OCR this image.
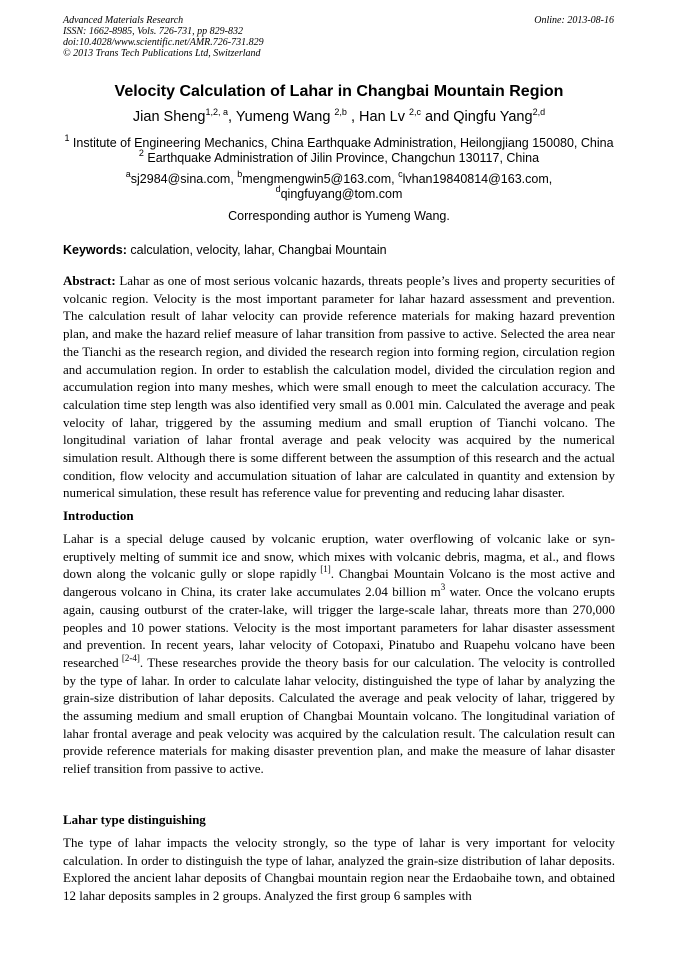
Advanced Materials Research
ISSN: 1662-8985, Vols. 726-731, pp 829-832
doi:10.4028/www.scientific.net/AMR.726-731.829
© 2013 Trans Tech Publications Ltd, Switzerland
Online: 2013-08-16
Velocity Calculation of Lahar in Changbai Mountain Region
Jian Sheng$^{1,2, a}$, Yumeng Wang $^{2,b}$ , Han Lv $^{2,c}$ and Qingfu Yang$^{2,d}$
$^1$ Institute of Engineering Mechanics, China Earthquake Administration, Heilongjiang 150080, China
$^2$ Earthquake Administration of Jilin Province, Changchun 130117, China
$^a$sj2984@sina.com, $^b$mengmengwin5@163.com, $^c$lvhan19840814@163.com,
$^d$qingfuyang@tom.com
Corresponding author is Yumeng Wang.
Keywords: calculation, velocity, lahar, Changbai Mountain
Abstract: Lahar as one of most serious volcanic hazards, threats people’s lives and property securities of volcanic region. Velocity is the most important parameter for lahar hazard assessment and prevention. The calculation result of lahar velocity can provide reference materials for making hazard prevention plan, and make the hazard relief measure of lahar transition from passive to active. Selected the area near the Tianchi as the research region, and divided the research region into forming region, circulation region and accumulation region. In order to establish the calculation model, divided the circulation region and accumulation region into many meshes, which were small enough to meet the calculation accuracy. The calculation time step length was also identified very small as 0.001 min. Calculated the average and peak velocity of lahar, triggered by the assuming medium and small eruption of Tianchi volcano. The longitudinal variation of lahar frontal average and peak velocity was acquired by the numerical simulation result. Although there is some different between the assumption of this research and the actual condition, flow velocity and accumulation situation of lahar are calculated in quantity and extension by numerical simulation, these result has reference value for preventing and reducing lahar disaster.
Introduction
Lahar is a special deluge caused by volcanic eruption, water overflowing of volcanic lake or syn-eruptively melting of summit ice and snow, which mixes with volcanic debris, magma, et al., and flows down along the volcanic gully or slope rapidly [1]. Changbai Mountain Volcano is the most active and dangerous volcano in China, its crater lake accumulates 2.04 billion $m^3$ water. Once the volcano erupts again, causing outburst of the crater-lake, will trigger the large-scale lahar, threats more than 270,000 peoples and 10 power stations. Velocity is the most important parameters for lahar disaster assessment and prevention. In recent years, lahar velocity of Cotopaxi, Pinatubo and Ruapehu volcano have been researched [2-4]. These researches provide the theory basis for our calculation. The velocity is controlled by the type of lahar. In order to calculate lahar velocity, distinguished the type of lahar by analyzing the grain-size distribution of lahar deposits. Calculated the average and peak velocity of lahar, triggered by the assuming medium and small eruption of Changbai Mountain volcano. The longitudinal variation of lahar frontal average and peak velocity was acquired by the calculation result. The calculation result can provide reference materials for making disaster prevention plan, and make the measure of lahar disaster relief transition from passive to active.
Lahar type distinguishing
The type of lahar impacts the velocity strongly, so the type of lahar is very important for velocity calculation. In order to distinguish the type of lahar, analyzed the grain-size distribution of lahar deposits. Explored the ancient lahar deposits of Changbai mountain region near the Erdaobaihe town, and obtained 12 lahar deposits samples in 2 groups. Analyzed the first group 6 samples with
